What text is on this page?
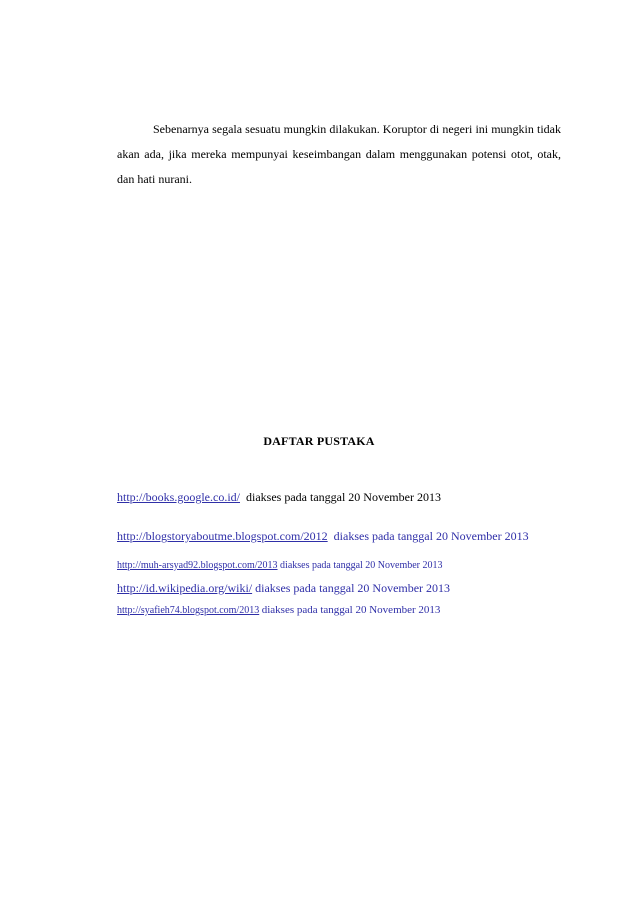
Sebenarnya segala sesuatu mungkin dilakukan. Koruptor di negeri ini mungkin tidak akan ada, jika mereka mempunyai keseimbangan dalam menggunakan potensi otot, otak, dan hati nurani.

DAFTAR PUSTAKA

http://books.google.co.id/ diakses pada tanggal 20 November 2013

http://blogstoryaboutme.blogspot.com/2012 diakses pada tanggal 20 November 2013

http://muh-arsyad92.blogspot.com/2013 diakses pada tanggal 20 November 2013

http://id.wikipedia.org/wiki/ diakses pada tanggal 20 November 2013

http://syafieh74.blogspot.com/2013 diakses pada tanggal 20 November 2013
